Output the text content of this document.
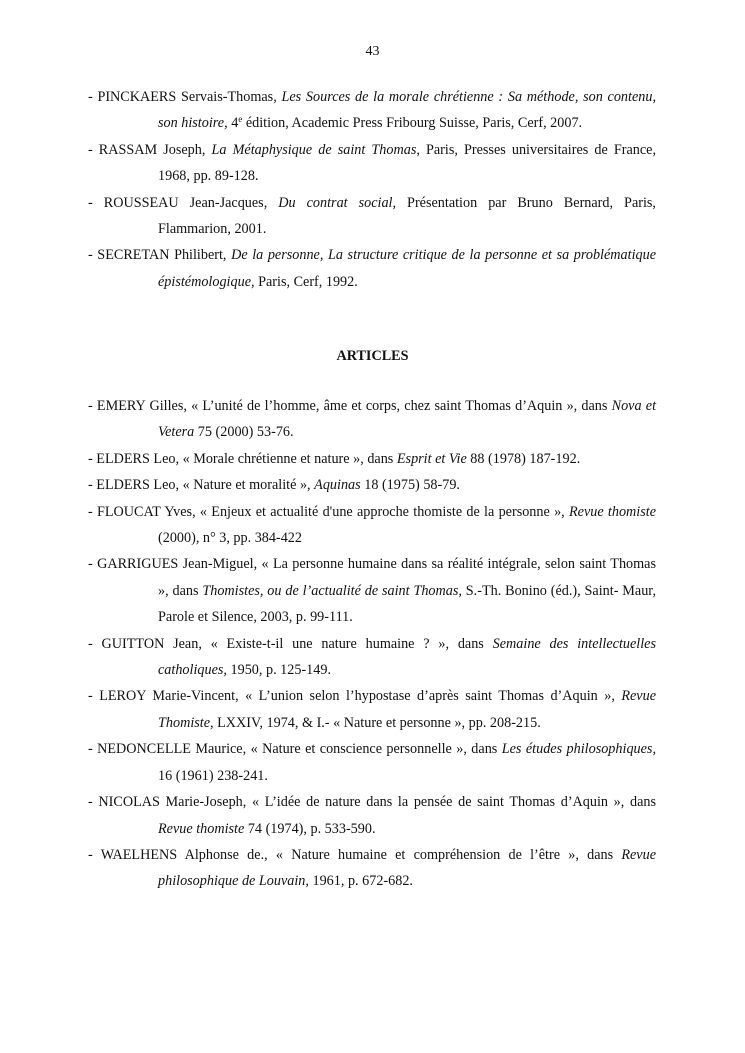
43
- PINCKAERS Servais-Thomas, Les Sources de la morale chrétienne : Sa méthode, son contenu, son histoire, 4e édition, Academic Press Fribourg Suisse, Paris, Cerf, 2007.
- RASSAM Joseph, La Métaphysique de saint Thomas, Paris, Presses universitaires de France, 1968, pp. 89-128.
- ROUSSEAU Jean-Jacques, Du contrat social, Présentation par Bruno Bernard, Paris, Flammarion, 2001.
- SECRETAN Philibert, De la personne, La structure critique de la personne et sa problématique épistémologique, Paris, Cerf, 1992.
ARTICLES
- EMERY Gilles, « L’unité de l’homme, âme et corps, chez saint Thomas d’Aquin », dans Nova et Vetera 75 (2000) 53-76.
- ELDERS Leo, « Morale chrétienne et nature », dans Esprit et Vie 88 (1978) 187-192.
- ELDERS Leo, « Nature et moralité », Aquinas 18 (1975) 58-79.
- FLOUCAT Yves, « Enjeux et actualité d'une approche thomiste de la personne », Revue thomiste (2000), n° 3, pp. 384-422
- GARRIGUES Jean-Miguel, « La personne humaine dans sa réalité intégrale, selon saint Thomas », dans Thomistes, ou de l’actualité de saint Thomas, S.-Th. Bonino (éd.), Saint- Maur, Parole et Silence, 2003, p. 99-111.
- GUITTON Jean, « Existe-t-il une nature humaine ? », dans Semaine des intellectuelles catholiques, 1950, p. 125-149.
- LEROY Marie-Vincent, « L’union selon l’hypostase d’après saint Thomas d’Aquin », Revue Thomiste, LXXIV, 1974, & I.- « Nature et personne », pp. 208-215.
- NEDONCELLE Maurice, « Nature et conscience personnelle », dans Les études philosophiques, 16 (1961) 238-241.
- NICOLAS Marie-Joseph, « L’idée de nature dans la pensée de saint Thomas d’Aquin », dans Revue thomiste 74 (1974), p. 533-590.
- WAELHENS Alphonse de., « Nature humaine et compréhension de l’être », dans Revue philosophique de Louvain, 1961, p. 672-682.
